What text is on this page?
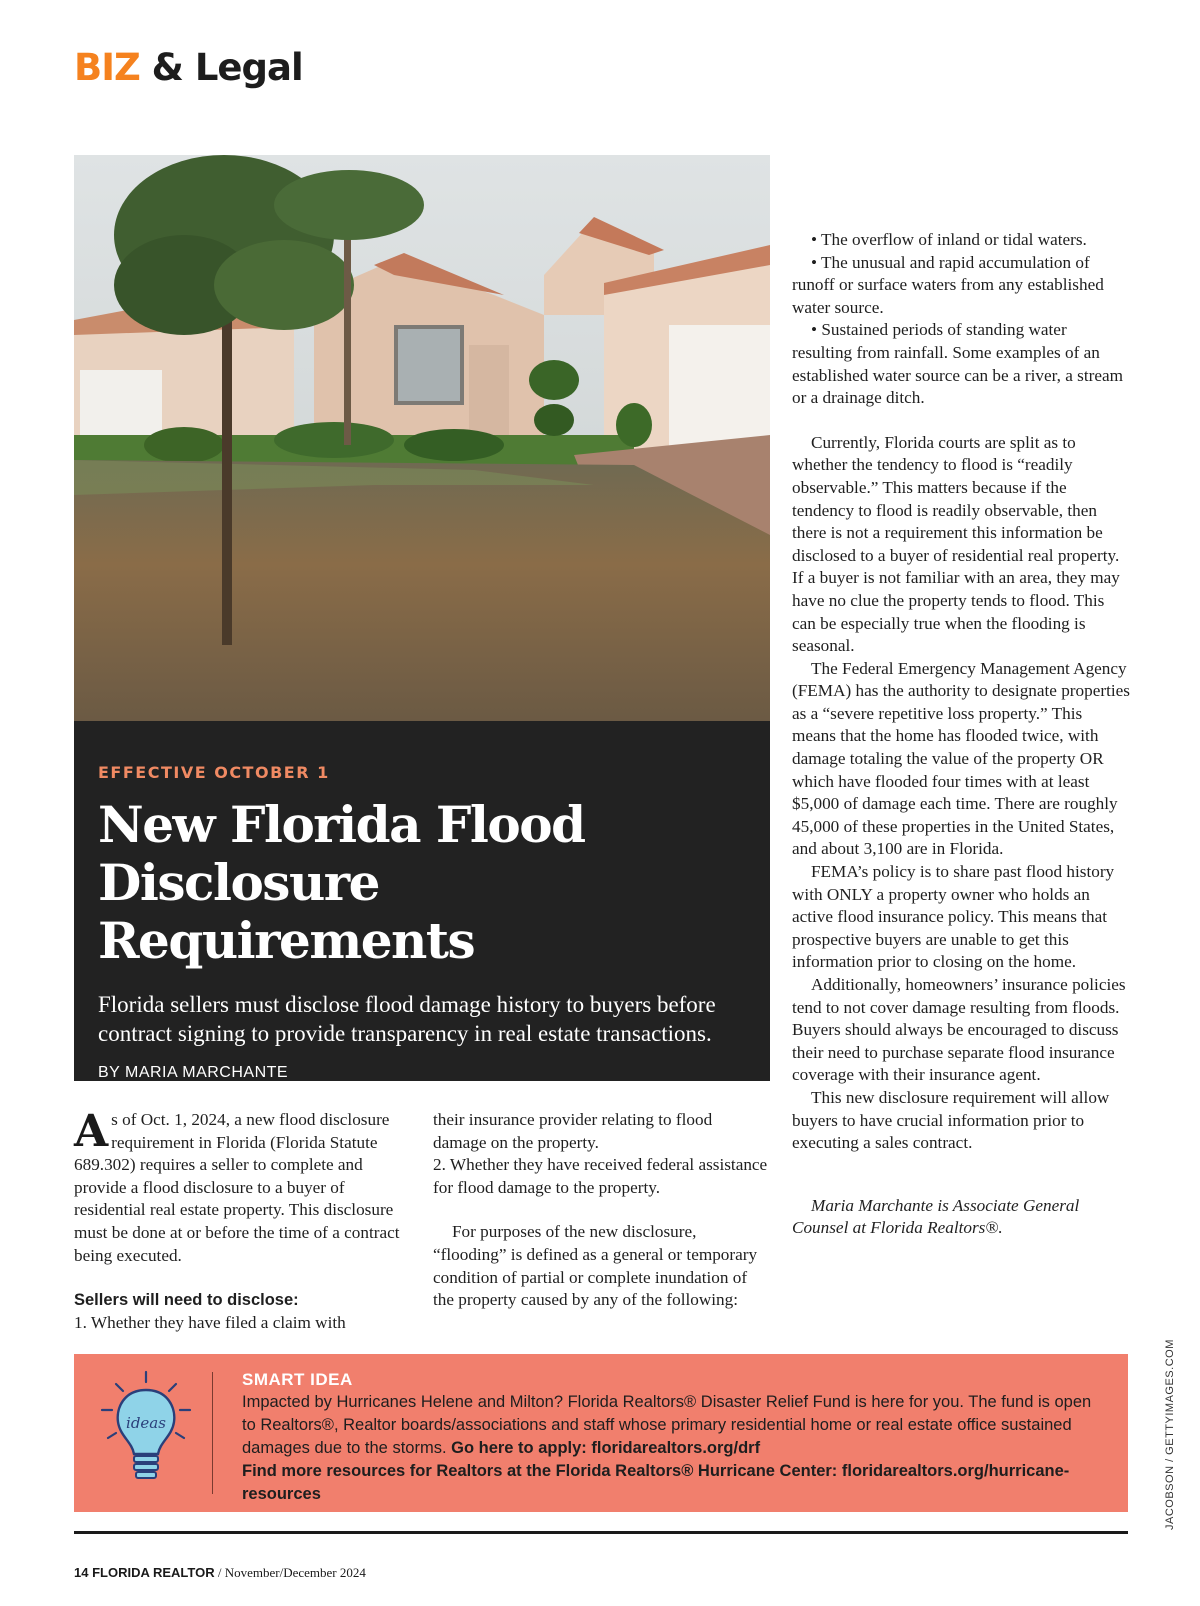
BIZ & Legal
EFFECTIVE OCTOBER 1
New Florida Flood
Disclosure Requirements
Florida sellers must disclose flood damage history to buyers before contract signing to provide transparency in real estate transactions.
BY MARIA MARCHANTE

As of Oct. 1, 2024, a new flood disclosure requirement in Florida (Florida Statute 689.302) requires a seller to complete and provide a flood disclosure to a buyer of residential real estate property. This disclosure must be done at or before the time of a contract being executed.

Sellers will need to disclose:

1. Whether they have filed a claim with

their insurance provider relating to flood damage on the property.

2. Whether they have received federal assistance for flood damage to the property.

For purposes of the new disclosure, “flooding” is defined as a general or temporary condition of partial or complete inundation of the property caused by any of the following:

• The overflow of inland or tidal waters.

• The unusual and rapid accumulation of runoff or surface waters from any established water source.

• Sustained periods of standing water resulting from rainfall. Some examples of an established water source can be a river, a stream or a drainage ditch.

Currently, Florida courts are split as to whether the tendency to flood is “readily observable.” This matters because if the tendency to flood is readily observable, then there is not a requirement this information be disclosed to a buyer of residential real property. If a buyer is not familiar with an area, they may have no clue the property tends to flood. This can be especially true when the flooding is seasonal.

The Federal Emergency Management Agency (FEMA) has the authority to designate properties as a “severe repetitive loss property.” This means that the home has flooded twice, with damage totaling the value of the property OR which have flooded four times with at least $5,000 of damage each time. There are roughly 45,000 of these properties in the United States, and about 3,100 are in Florida.

FEMA’s policy is to share past flood history with ONLY a property owner who holds an active flood insurance policy. This means that prospective buyers are unable to get this information prior to closing on the home.

Additionally, homeowners’ insurance policies tend to not cover damage resulting from floods. Buyers should always be encouraged to discuss their need to purchase separate flood insurance coverage with their insurance agent.

This new disclosure requirement will allow buyers to have crucial information prior to executing a sales contract.

Maria Marchante is Associate General Counsel at Florida Realtors®.

ideas
SMART IDEA
Impacted by Hurricanes Helene and Milton? Florida Realtors® Disaster Relief Fund is here for you. The fund is open to Realtors®, Realtor boards/associations and staff whose primary residential home or real estate office sustained damages due to the storms. Go here to apply: floridarealtors.org/drf
Find more resources for Realtors at the Florida Realtors® Hurricane Center: floridarealtors.org/hurricane-resources	JACOBSON / GETTYIMAGES.COM
14 FLORIDA REALTOR / November/December 2024
